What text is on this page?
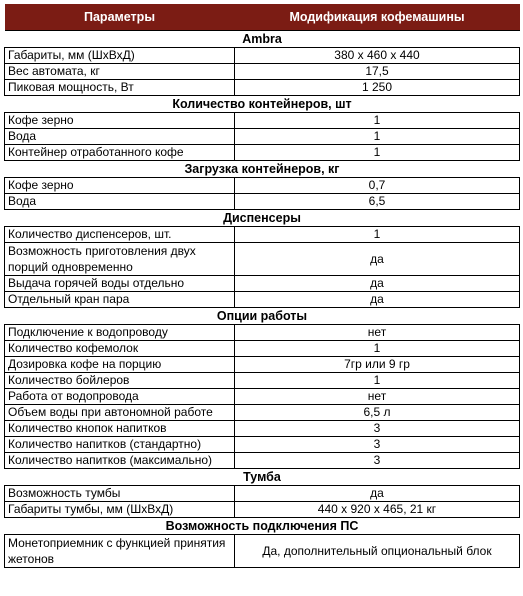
Параметры	Модификация кофемашины
Ambra	
Габариты, мм (ШхВхД)	380 х 460 х 440
Вес автомата, кг	17,5
Пиковая мощность, Вт	1 250
Количество контейнеров, шт	
Кофе зерно	1
Вода	1
Контейнер отработанного кофе	1
Загрузка контейнеров, кг	
Кофе зерно	0,7
Вода	6,5
Диспенсеры	
Количество диспенсеров, шт.	1
Возможность приготовления двух порций одновременно	да
Выдача горячей воды отдельно	да
Отдельный кран пара	да
Опции работы	
Подключение к водопроводу	нет
Количество кофемолок	1
Дозировка кофе на порцию	7гр или 9 гр
Количество бойлеров	1
Работа от водопровода	нет
Объем воды при автономной работе	6,5 л
Количество кнопок напитков	3
Количество напитков (стандартно)	3
Количество напитков (максимально)	3
Тумба	
Возможность тумбы	да
Габариты тумбы, мм (ШхВхД)	440 х 920 х 465, 21 кг
Возможность подключения ПС	
Монетоприемник с функцией принятия жетонов	Да, дополнительный опциональный блок
